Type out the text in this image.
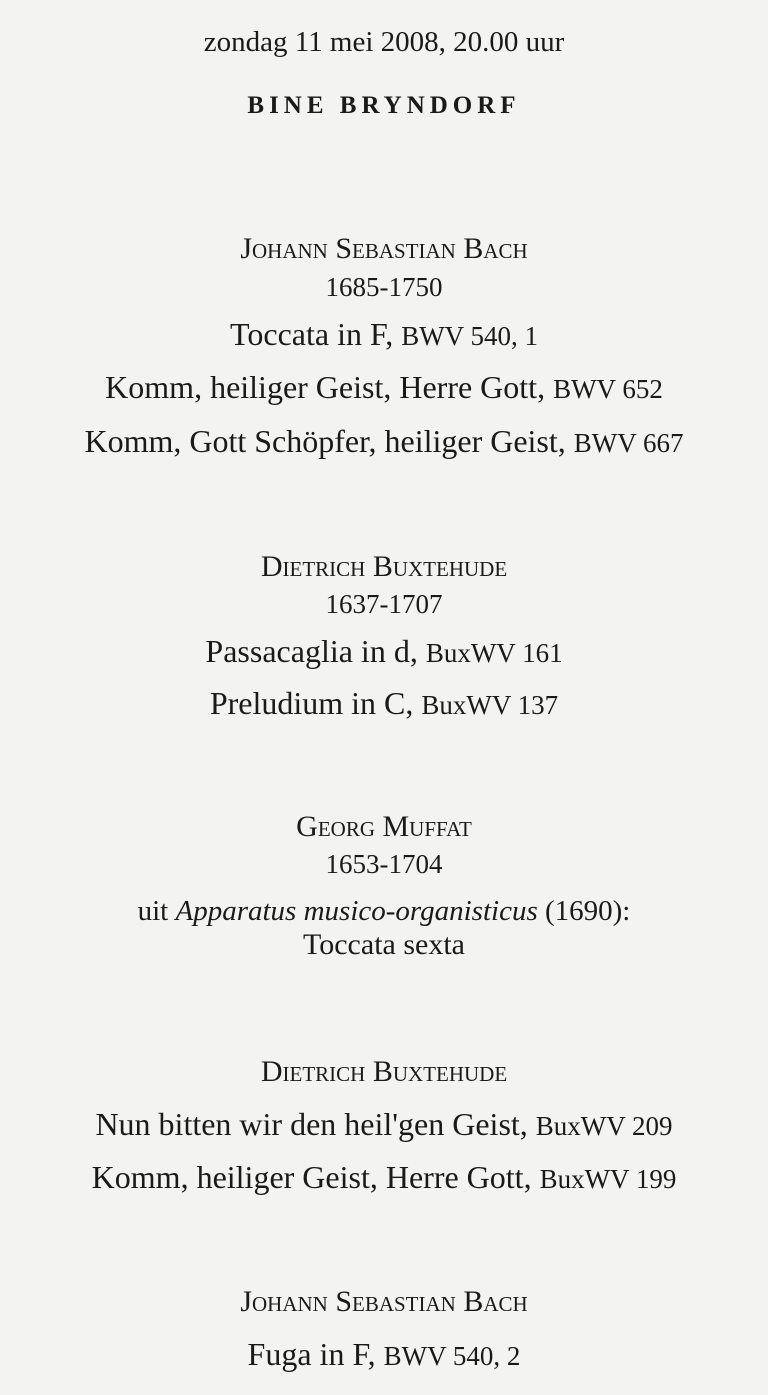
zondag 11 mei 2008, 20.00 uur
BINE BRYNDORF
Johann Sebastian Bach
1685-1750
Toccata in F, BWV 540, 1
Komm, heiliger Geist, Herre Gott, BWV 652
Komm, Gott Schöpfer, heiliger Geist, BWV 667
Dietrich Buxtehude
1637-1707
Passacaglia in d, BuxWV 161
Preludium in C, BuxWV 137
Georg Muffat
1653-1704
uit Apparatus musico-organisticus (1690):
Toccata sexta
Dietrich Buxtehude
Nun bitten wir den heil'gen Geist, BuxWV 209
Komm, heiliger Geist, Herre Gott, BuxWV 199
Johann Sebastian Bach
Fuga in F, BWV 540, 2
